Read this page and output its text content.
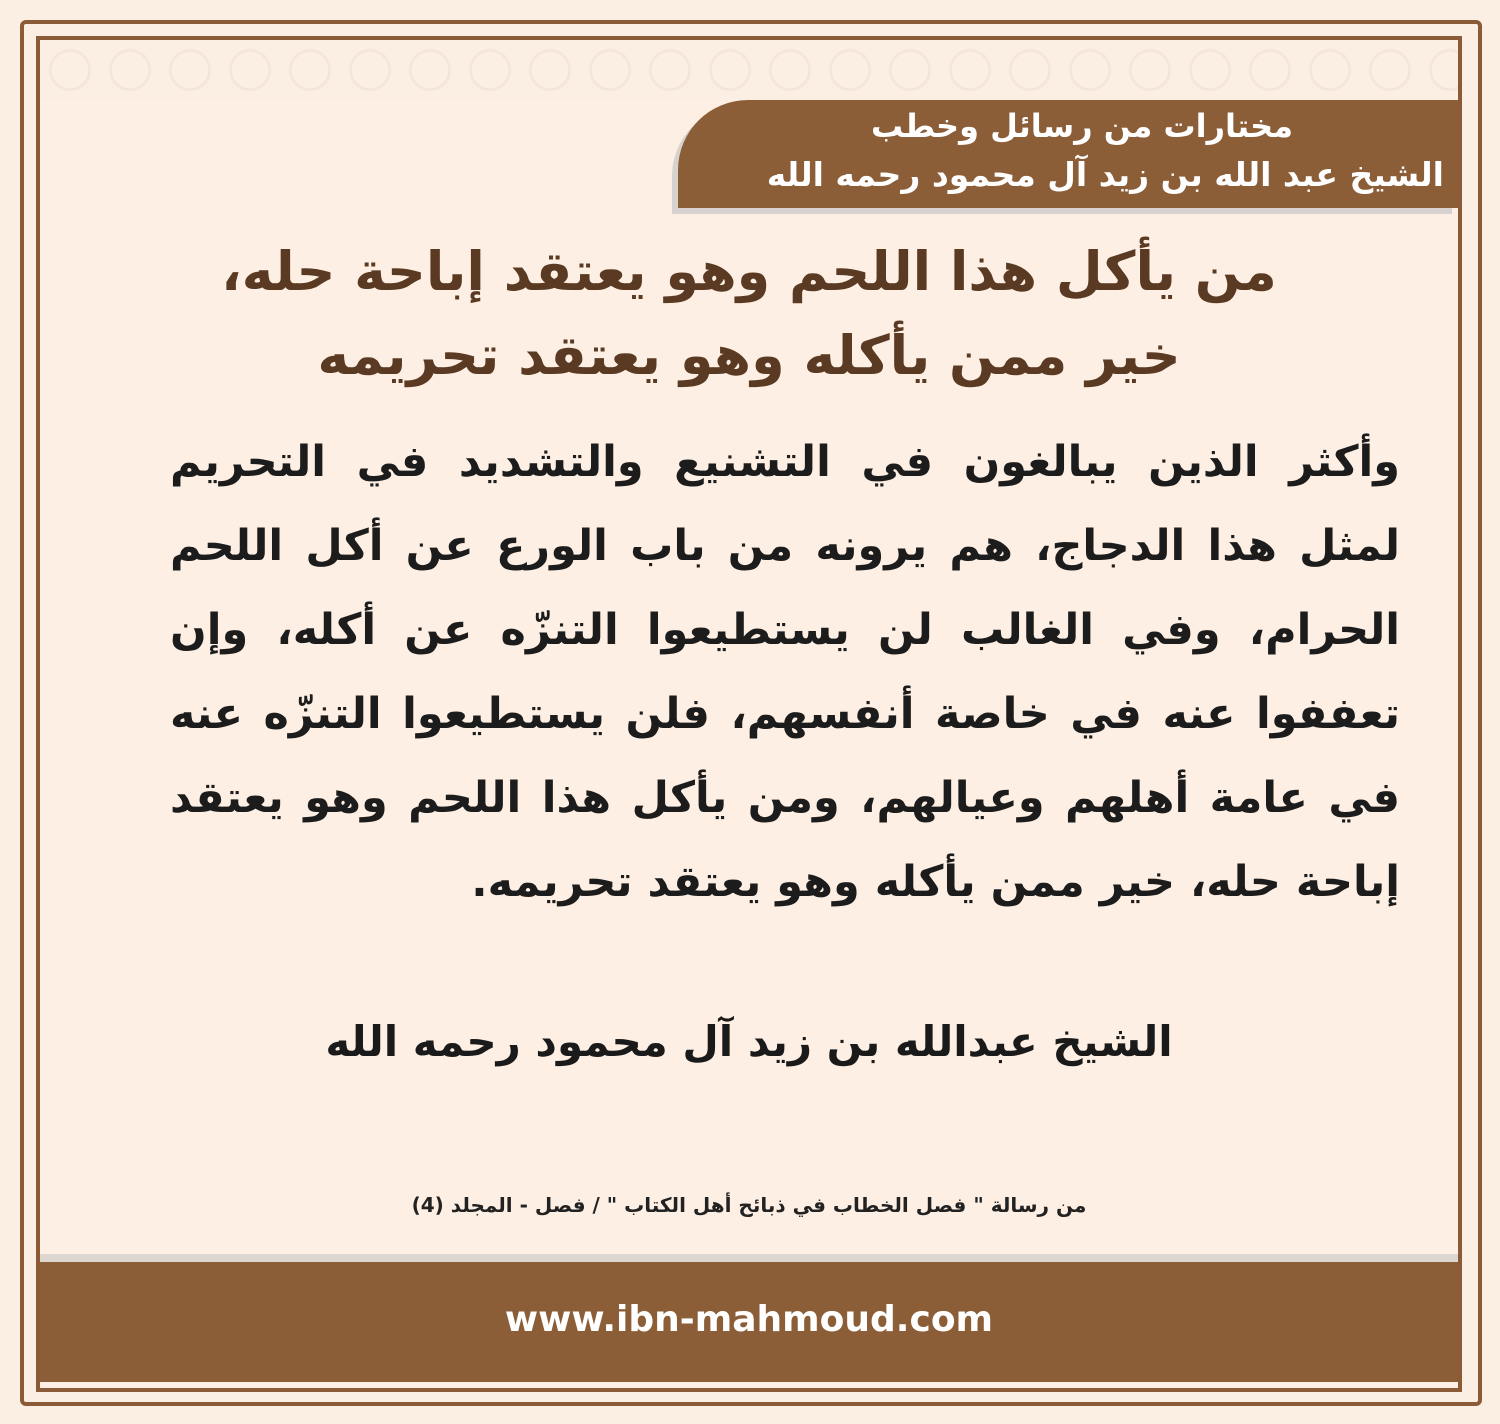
مختارات من رسائل وخطب
الشيخ عبد الله بن زيد آل محمود رحمه الله
من يأكل هذا اللحم وهو يعتقد إباحة حله،
خير ممن يأكله وهو يعتقد تحريمه
وأكثر الذين يبالغون في التشنيع والتشديد في التحريم لمثل هذا الدجاج، هم يرونه من باب الورع عن أكل اللحم الحرام، وفي الغالب لن يستطيعوا التنزّه عن أكله، وإن تعففوا عنه في خاصة أنفسهم، فلن يستطيعوا التنزّه عنه في عامة أهلهم وعيالهم، ومن يأكل هذا اللحم وهو يعتقد إباحة حله، خير ممن يأكله وهو يعتقد تحريمه.
الشيخ عبدالله بن زيد آل محمود رحمه الله
من رسالة " فصل الخطاب في ذبائح أهل الكتاب " / فصل - المجلد (4)
www.ibn-mahmoud.com
